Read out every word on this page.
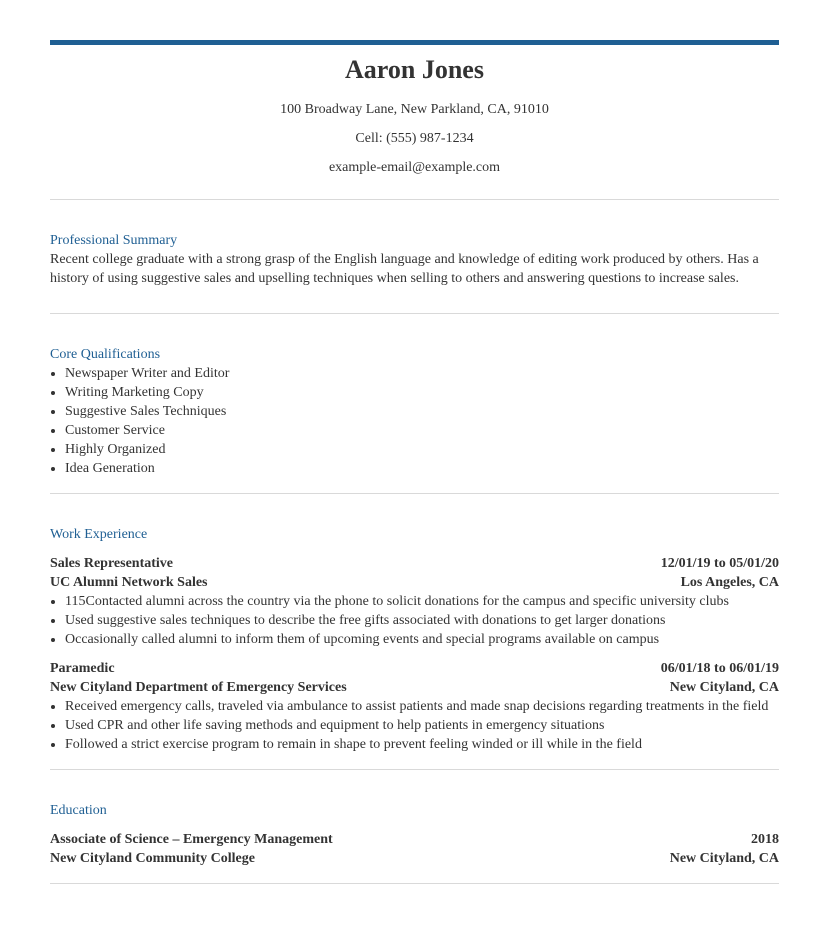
Aaron Jones
100 Broadway Lane, New Parkland, CA, 91010
Cell: (555) 987-1234
example-email@example.com
Professional Summary
Recent college graduate with a strong grasp of the English language and knowledge of editing work produced by others. Has a history of using suggestive sales and upselling techniques when selling to others and answering questions to increase sales.
Core Qualifications
• Newspaper Writer and Editor
• Writing Marketing Copy
• Suggestive Sales Techniques
• Customer Service
• Highly Organized
• Idea Generation
Work Experience
Sales Representative	12/01/19 to 05/01/20
UC Alumni Network Sales	Los Angeles, CA
• 115Contacted alumni across the country via the phone to solicit donations for the campus and specific university clubs
• Used suggestive sales techniques to describe the free gifts associated with donations to get larger donations
• Occasionally called alumni to inform them of upcoming events and special programs available on campus
Paramedic	06/01/18 to 06/01/19
New Cityland Department of Emergency Services	New Cityland, CA
• Received emergency calls, traveled via ambulance to assist patients and made snap decisions regarding treatments in the field
• Used CPR and other life saving methods and equipment to help patients in emergency situations
• Followed a strict exercise program to remain in shape to prevent feeling winded or ill while in the field
Education
Associate of Science – Emergency Management	2018
New Cityland Community College	New Cityland, CA
